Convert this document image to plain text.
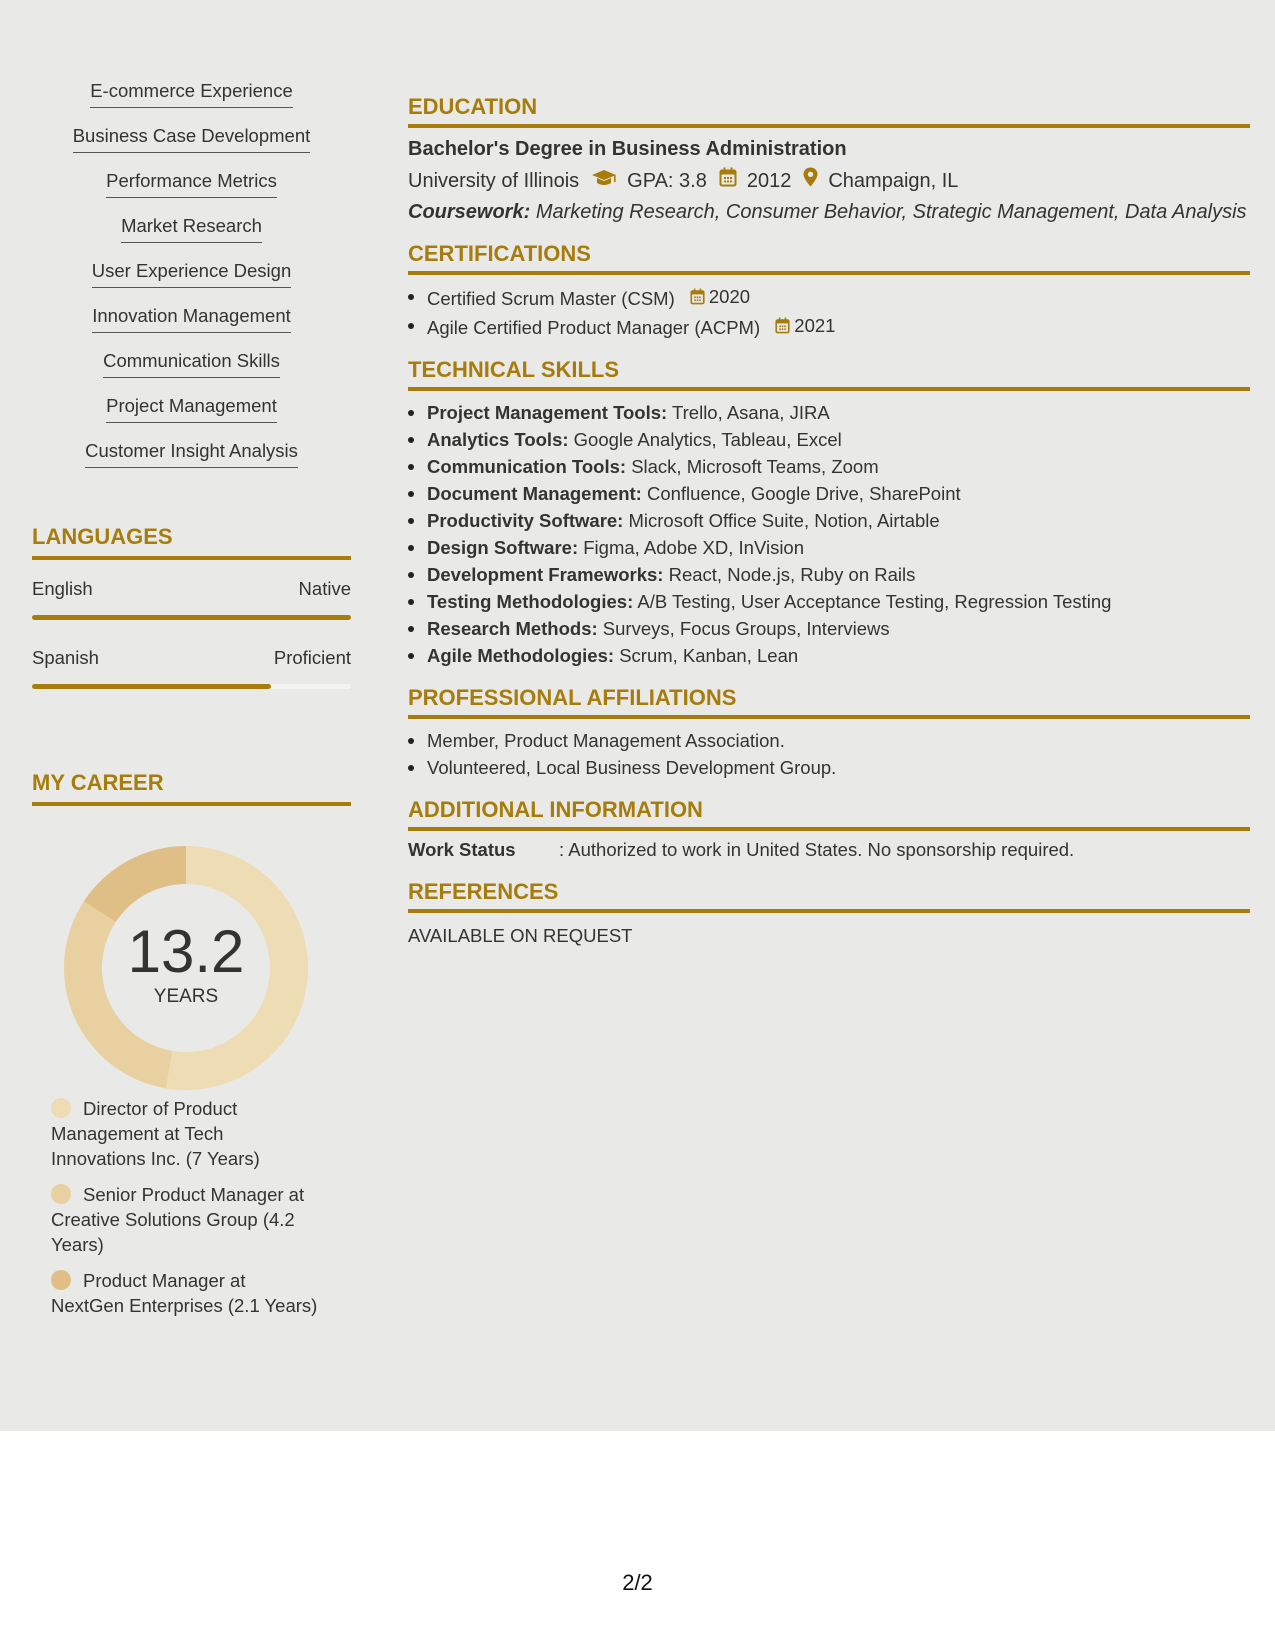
E-commerce Experience
Business Case Development
Performance Metrics
Market Research
User Experience Design
Innovation Management
Communication Skills
Project Management
Customer Insight Analysis
LANGUAGES
English	Native
Spanish	Proficient
MY CAREER
13.2
YEARS
Director of Product Management at Tech Innovations Inc. (7 Years)
Senior Product Manager at Creative Solutions Group (4.2 Years)
Product Manager at NextGen Enterprises (2.1 Years)
EDUCATION
Bachelor's Degree in Business Administration
University of Illinois GPA: 3.8 2012 Champaign, IL
Coursework: Marketing Research, Consumer Behavior, Strategic Management, Data Analysis
CERTIFICATIONS
Certified Scrum Master (CSM) 2020
Agile Certified Product Manager (ACPM) 2021
TECHNICAL SKILLS
Project Management Tools: Trello, Asana, JIRA
Analytics Tools: Google Analytics, Tableau, Excel
Communication Tools: Slack, Microsoft Teams, Zoom
Document Management: Confluence, Google Drive, SharePoint
Productivity Software: Microsoft Office Suite, Notion, Airtable
Design Software: Figma, Adobe XD, InVision
Development Frameworks: React, Node.js, Ruby on Rails
Testing Methodologies: A/B Testing, User Acceptance Testing, Regression Testing
Research Methods: Surveys, Focus Groups, Interviews
Agile Methodologies: Scrum, Kanban, Lean
PROFESSIONAL AFFILIATIONS
Member, Product Management Association.
Volunteered, Local Business Development Group.
ADDITIONAL INFORMATION
Work Status	: Authorized to work in United States. No sponsorship required.
REFERENCES
AVAILABLE ON REQUEST
2/2
